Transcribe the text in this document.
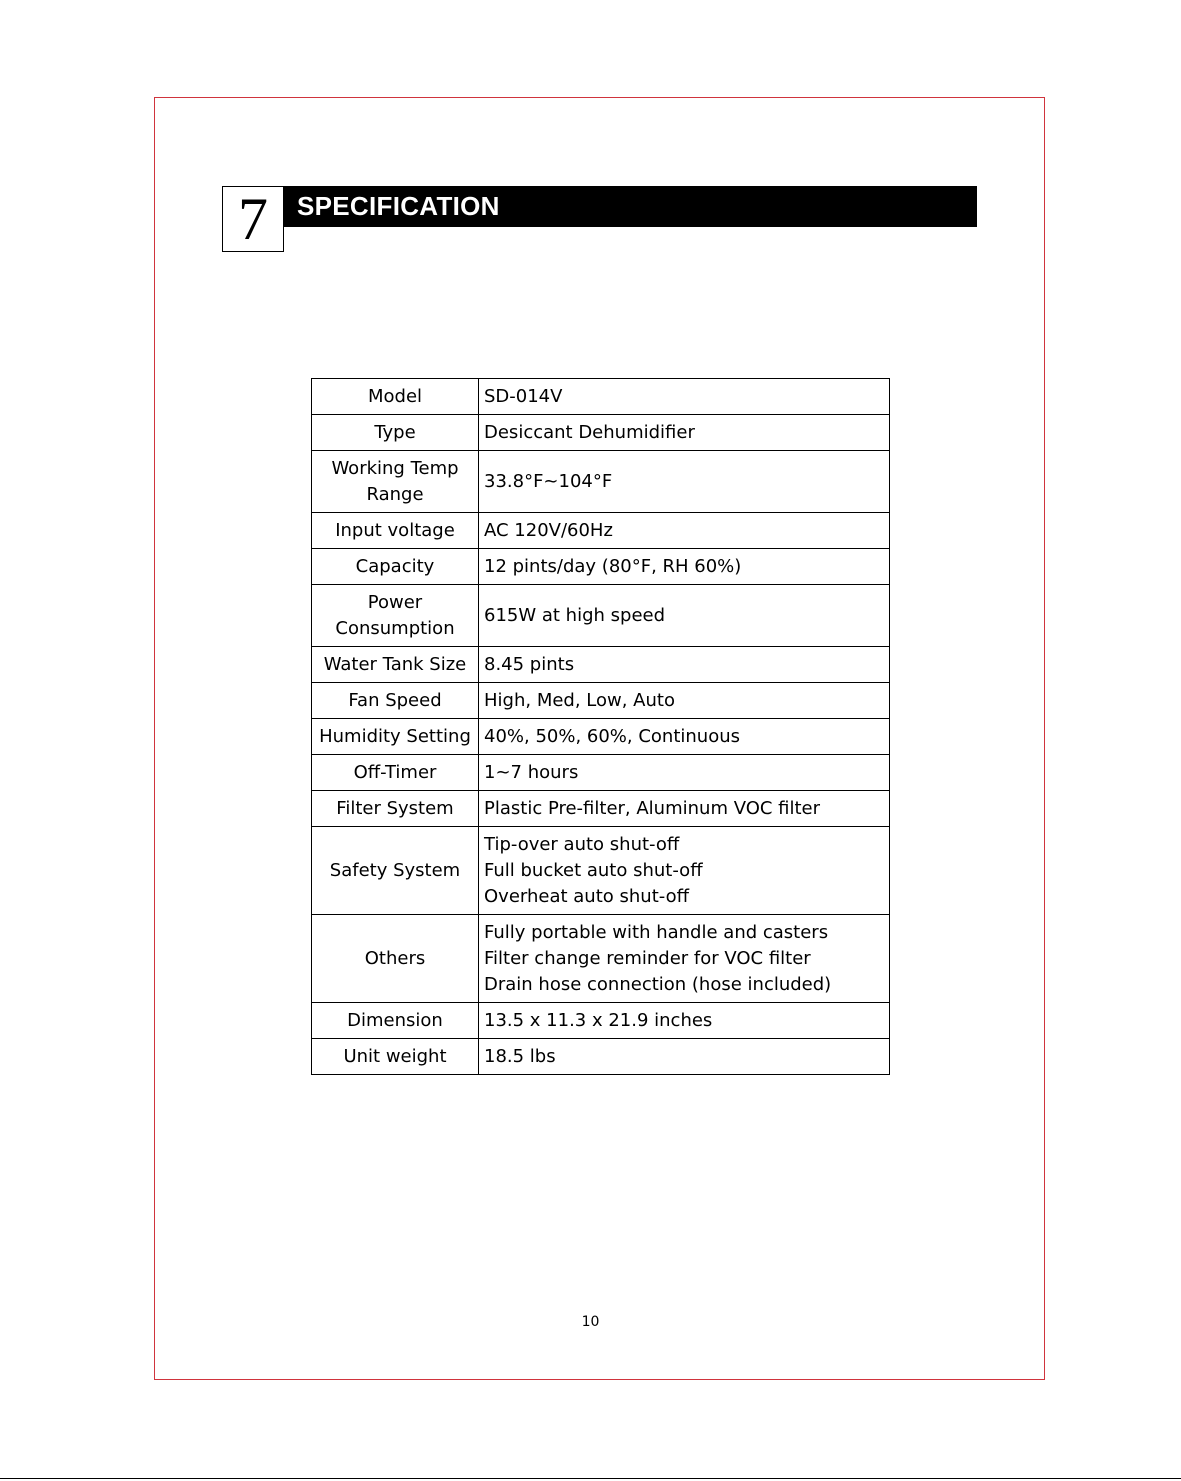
7	SPECIFICATION
Model	SD-014V

Type	Desiccant Dehumidifier

Working Temp Range	33.8°F~104°F

Input voltage	AC 120V/60Hz

Capacity	12 pints/day (80°F, RH 60%)

Power Consumption	615W at high speed

Water Tank Size	8.45 pints

Fan Speed	High, Med, Low, Auto

Humidity Setting	40%, 50%, 60%, Continuous

Off-Timer	1~7 hours

Filter System	Plastic Pre-filter, Aluminum VOC filter

Safety System	Tip-over auto shut-off
Full bucket auto shut-off
Overheat auto shut-off

Others	Fully portable with handle and casters
Filter change reminder for VOC filter
Drain hose connection (hose included)

Dimension	13.5 x 11.3 x 21.9 inches

Unit weight	18.5 lbs
10
